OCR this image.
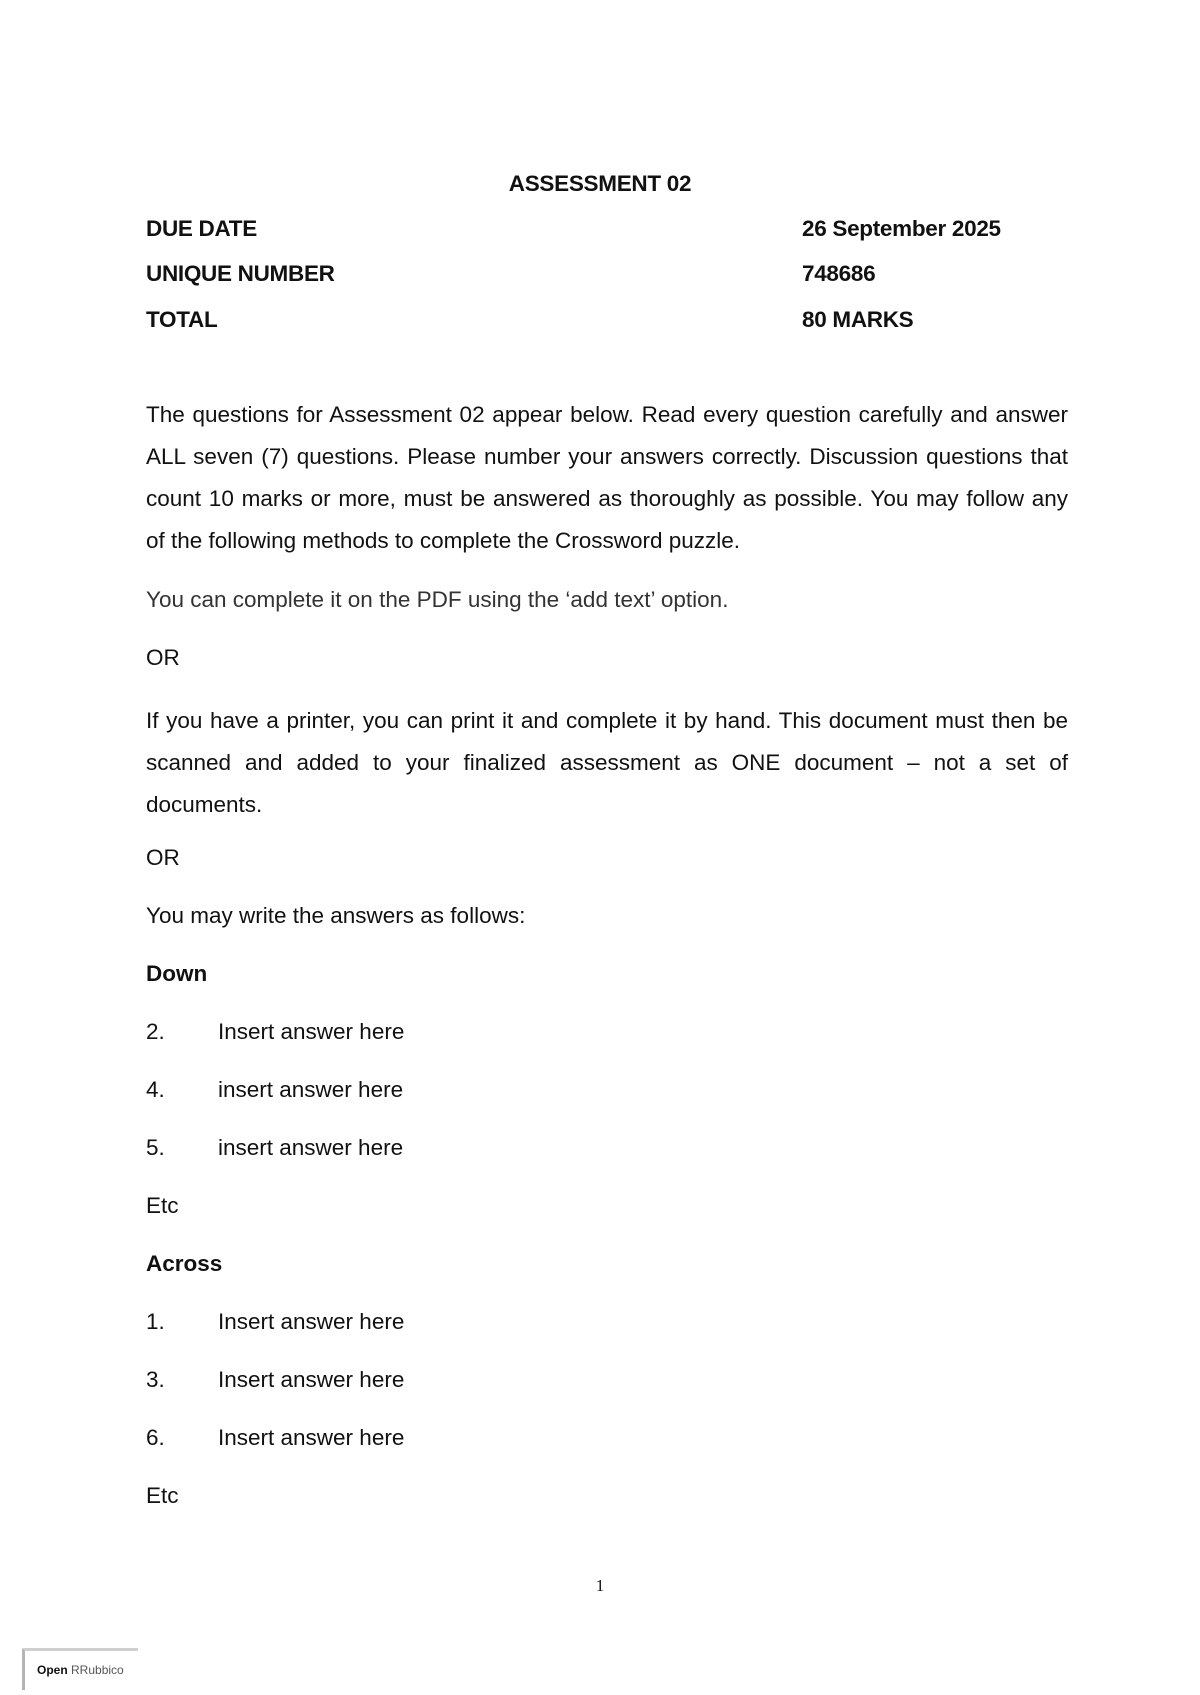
ASSESSMENT 02

DUE DATE	26 September 2025

UNIQUE NUMBER	748686

TOTAL	80 MARKS

The questions for Assessment 02 appear below. Read every question carefully and answer ALL seven (7) questions. Please number your answers correctly. Discussion questions that count 10 marks or more, must be answered as thoroughly as possible. You may follow any of the following methods to complete the Crossword puzzle.

You can complete it on the PDF using the ‘add text’ option.

OR

If you have a printer, you can print it and complete it by hand. This document must then be scanned and added to your finalized assessment as ONE document – not a set of documents.

OR

You may write the answers as follows:

Down

2. Insert answer here

4. insert answer here

5. insert answer here

Etc

Across

1. Insert answer here

3. Insert answer here

6. Insert answer here

Etc

1

Open RRubbico
